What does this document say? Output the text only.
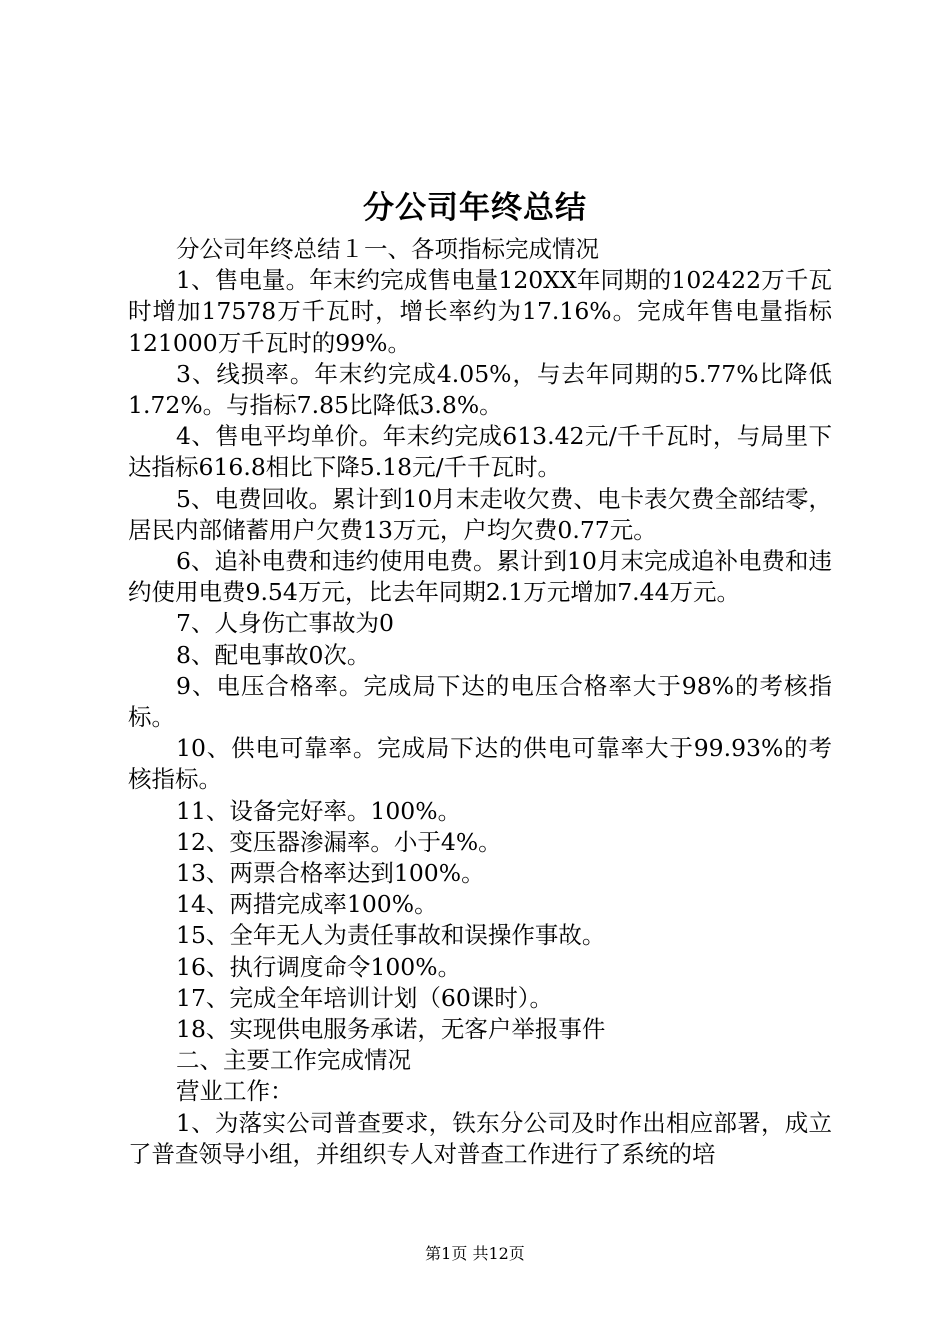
分公司年终总结

分公司年终总结１一、各项指标完成情况

1、售电量。年末约完成售电量120XX年同期的102422万千瓦时增加17578万千瓦时，增长率约为17.16%。完成年售电量指标121000万千瓦时的99%。

3、线损率。年末约完成4.05%，与去年同期的5.77%比降低1.72%。与指标7.85比降低3.8%。

4、售电平均单价。年末约完成613.42元/千千瓦时，与局里下达指标616.8相比下降5.18元/千千瓦时。

5、电费回收。累计到10月末走收欠费、电卡表欠费全部结零，居民内部储蓄用户欠费13万元，户均欠费0.77元。

6、追补电费和违约使用电费。累计到10月末完成追补电费和违约使用电费9.54万元，比去年同期2.1万元增加7.44万元。

7、人身伤亡事故为0

8、配电事故0次。

9、电压合格率。完成局下达的电压合格率大于98%的考核指标。

10、供电可靠率。完成局下达的供电可靠率大于99.93%的考核指标。

11、设备完好率。100%。

12、变压器渗漏率。小于4%。

13、两票合格率达到100%。

14、两措完成率100%。

15、全年无人为责任事故和误操作事故。

16、执行调度命令100%。

17、完成全年培训计划（60课时）。

18、实现供电服务承诺，无客户举报事件

二、主要工作完成情况

营业工作：

1、为落实公司普查要求，铁东分公司及时作出相应部署，成立了普查领导小组，并组织专人对普查工作进行了系统的培

第1页 共12页
